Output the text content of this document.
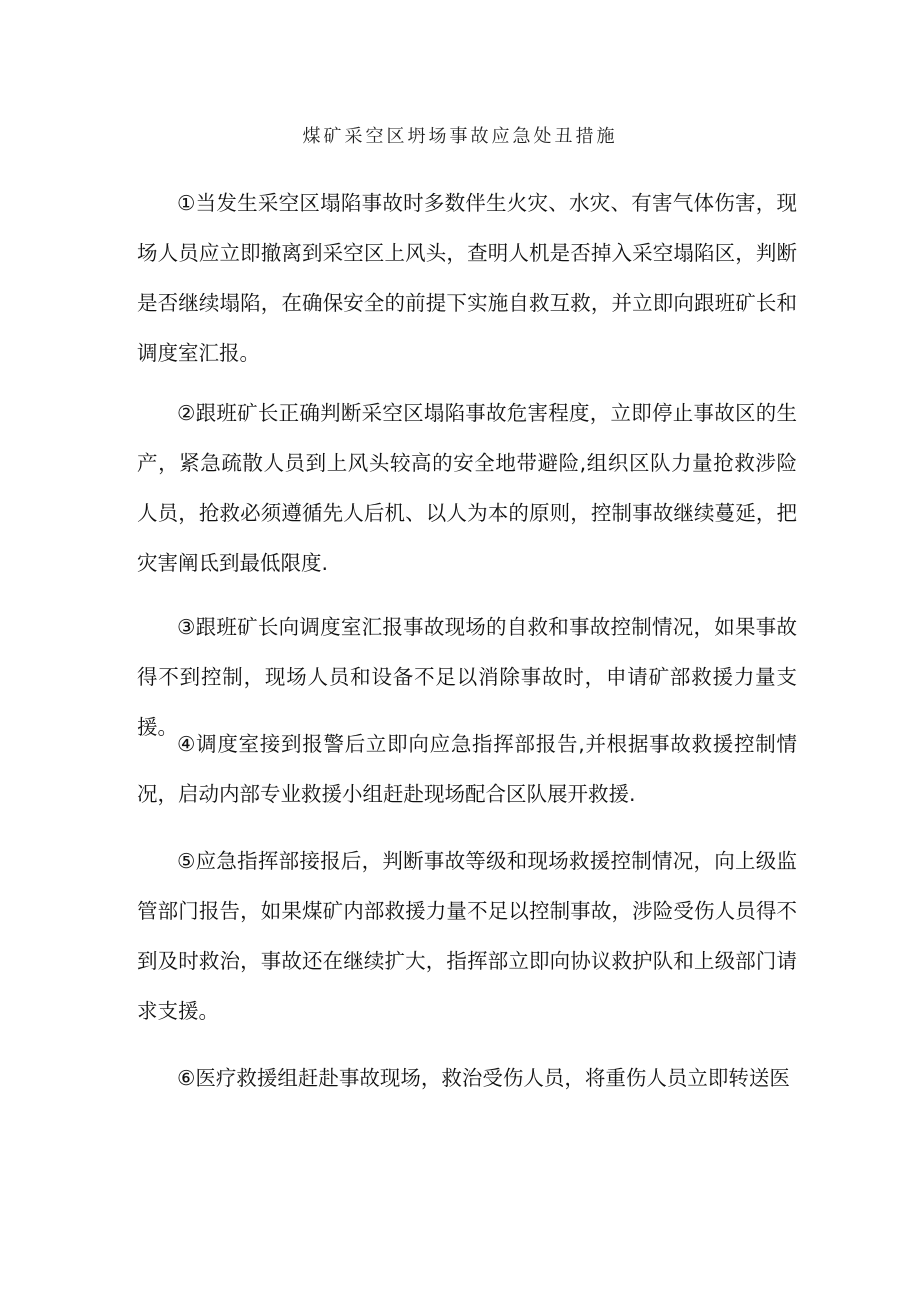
煤矿采空区坍场事故应急处丑措施

①当发生采空区塌陷事故时多数伴生火灾、水灾、有害气体伤害，现场人员应立即撤离到采空区上风头，查明人机是否掉入采空塌陷区，判断是否继续塌陷，在确保安全的前提下实施自救互救，并立即向跟班矿长和调度室汇报。

②跟班矿长正确判断采空区塌陷事故危害程度，立即停止事故区的生产，紧急疏散人员到上风头较高的安全地带避险,组织区队力量抢救涉险人员，抢救必须遵循先人后机、以人为本的原则，控制事故继续蔓延，把灾害阐氐到最低限度.

③跟班矿长向调度室汇报事故现场的自救和事故控制情况，如果事故得不到控制，现场人员和设备不足以消除事故时，申请矿部救援力量支援。

④调度室接到报警后立即向应急指挥部报告,并根据事故救援控制情况，启动内部专业救援小组赶赴现场配合区队展开救援.

⑤应急指挥部接报后，判断事故等级和现场救援控制情况，向上级监管部门报告，如果煤矿内部救援力量不足以控制事故，涉险受伤人员得不到及时救治，事故还在继续扩大，指挥部立即向协议救护队和上级部门请求支援。

⑥医疗救援组赶赴事故现场，救治受伤人员，将重伤人员立即转送医
